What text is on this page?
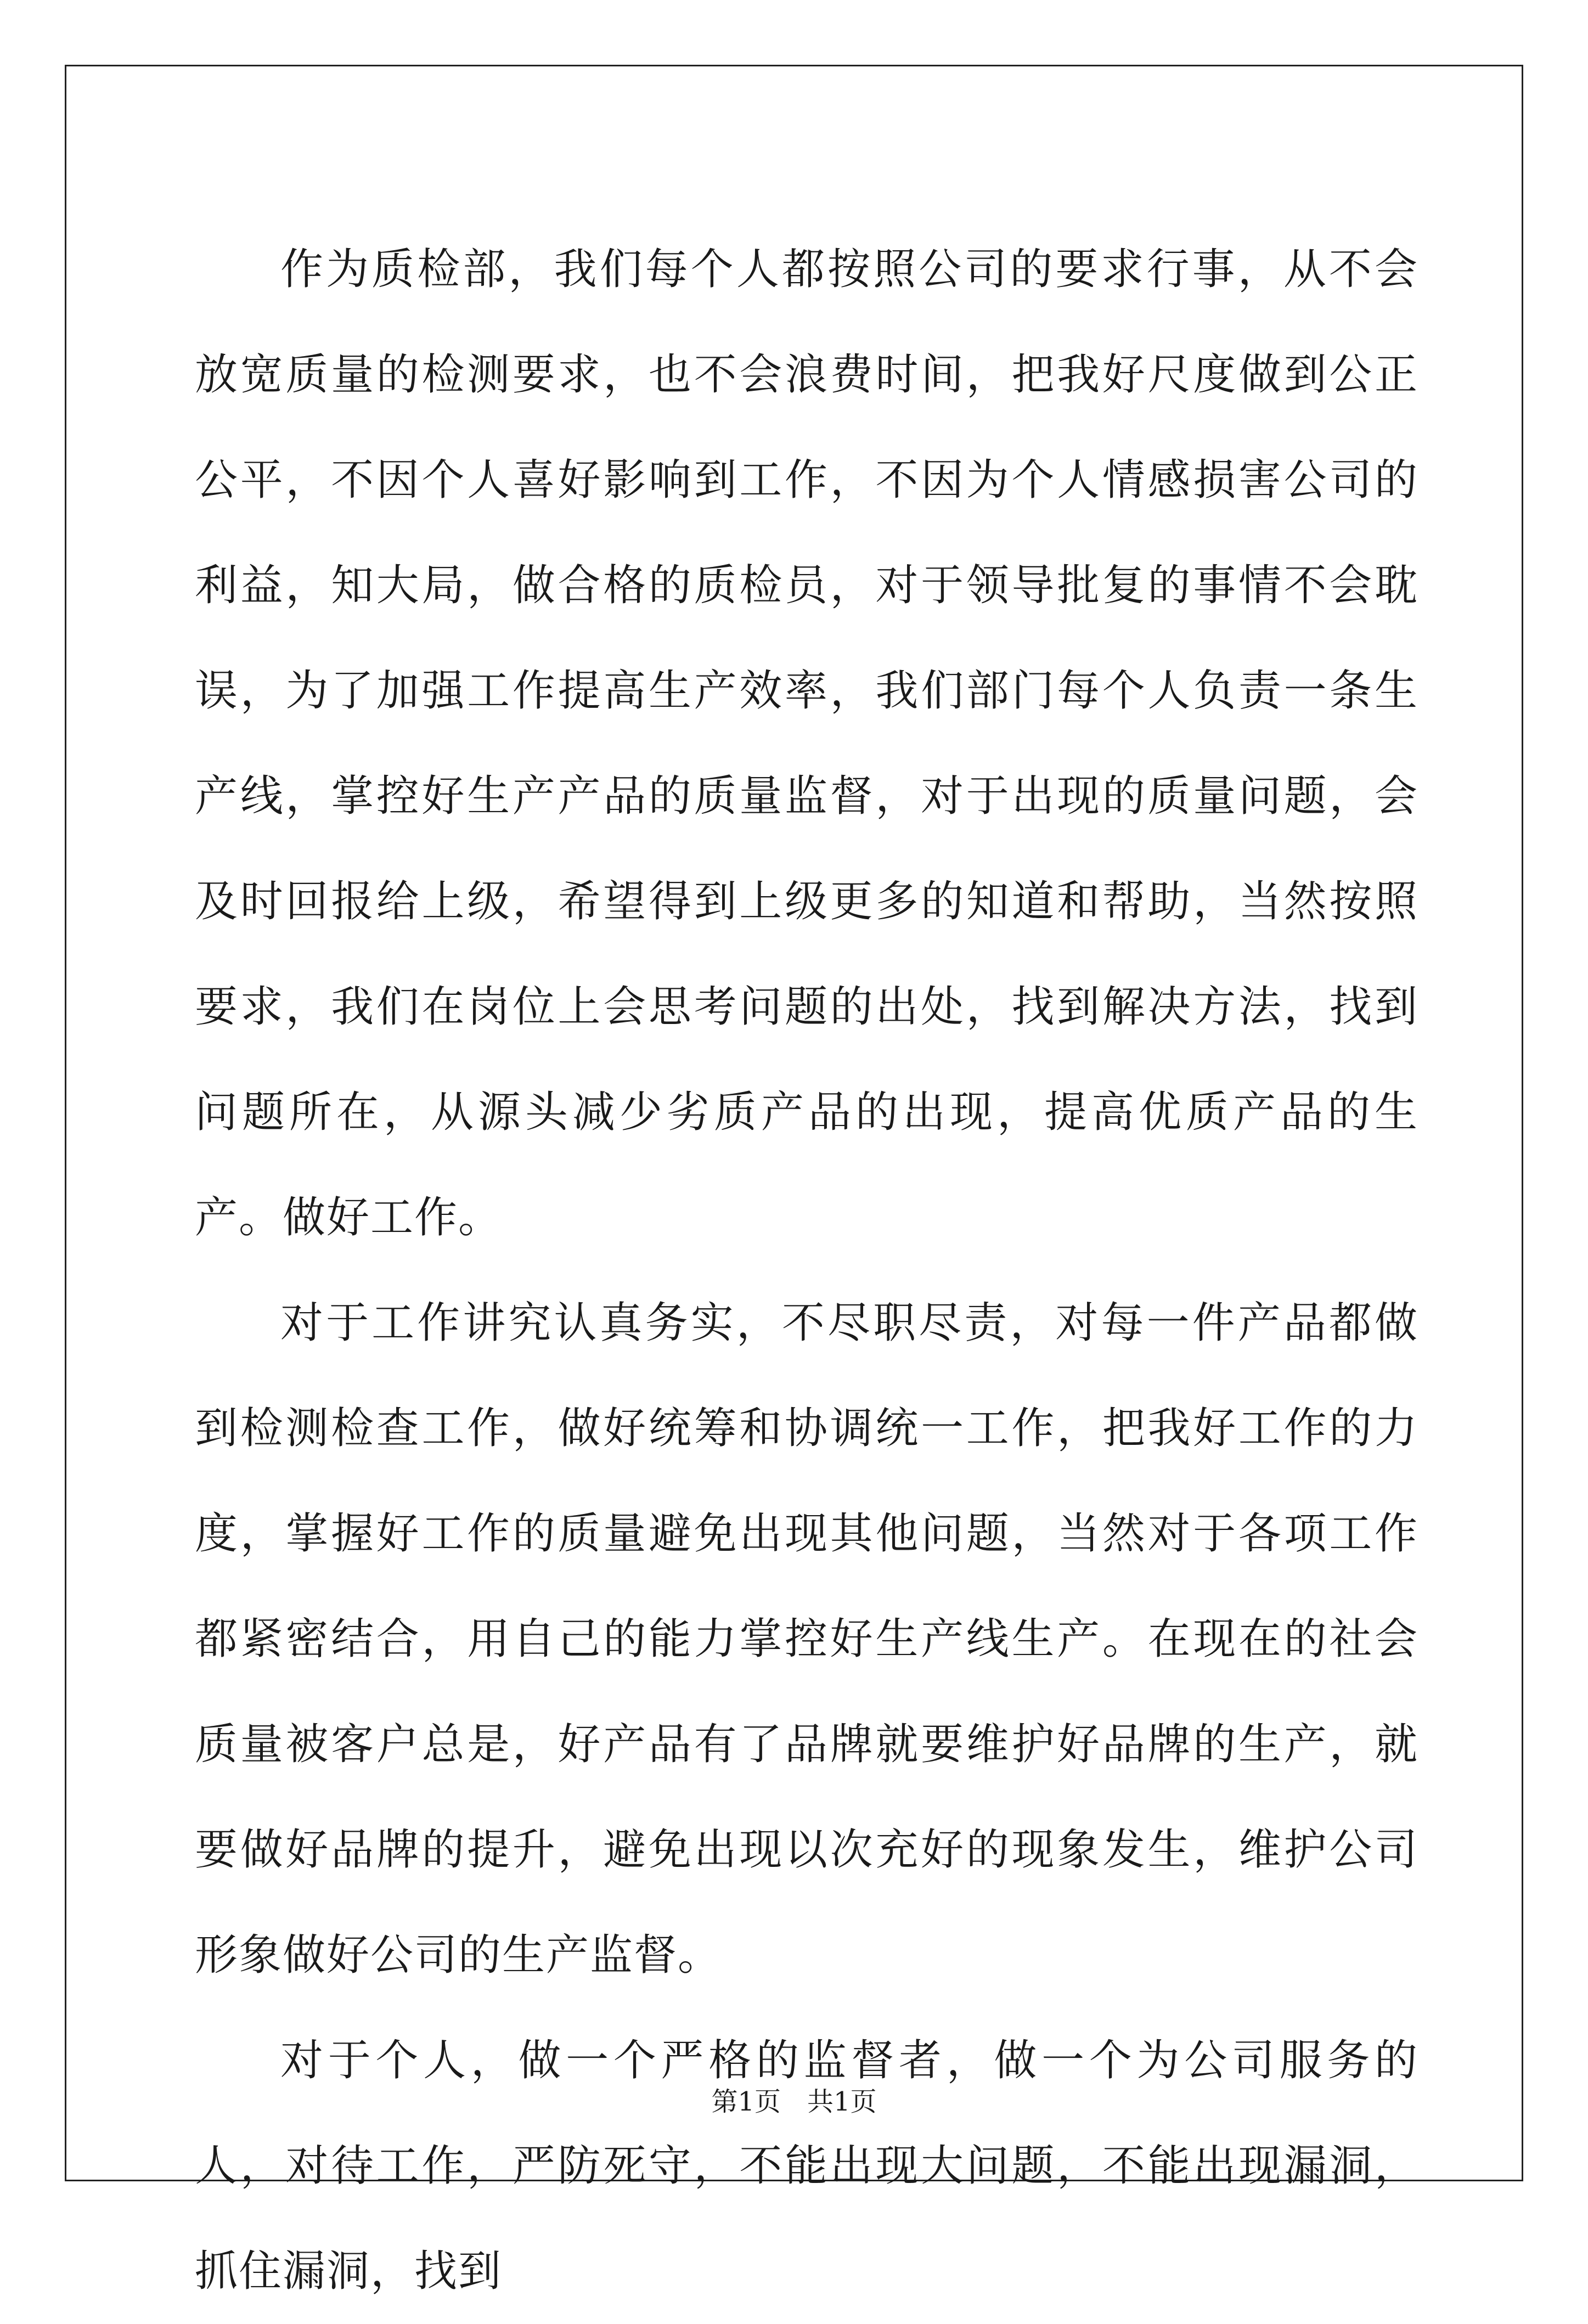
作为质检部，我们每个人都按照公司的要求行事，从不会放宽质量的检测要求，也不会浪费时间，把我好尺度做到公正公平，不因个人喜好影响到工作，不因为个人情感损害公司的利益，知大局，做合格的质检员，对于领导批复的事情不会耽误，为了加强工作提高生产效率，我们部门每个人负责一条生产线，掌控好生产产品的质量监督，对于出现的质量问题，会及时回报给上级，希望得到上级更多的知道和帮助，当然按照要求，我们在岗位上会思考问题的出处，找到解决方法，找到问题所在，从源头减少劣质产品的出现，提高优质产品的生产。做好工作。

对于工作讲究认真务实，不尽职尽责，对每一件产品都做到检测检查工作，做好统筹和协调统一工作，把我好工作的力度，掌握好工作的质量避免出现其他问题，当然对于各项工作都紧密结合，用自己的能力掌控好生产线生产。在现在的社会质量被客户总是，好产品有了品牌就要维护好品牌的生产，就要做好品牌的提升，避免出现以次充好的现象发生，维护公司形象做好公司的生产监督。

对于个人，做一个严格的监督者，做一个为公司服务的人，对待工作，严防死守，不能出现大问题，不能出现漏洞，抓住漏洞，找到

第1页　共1页
